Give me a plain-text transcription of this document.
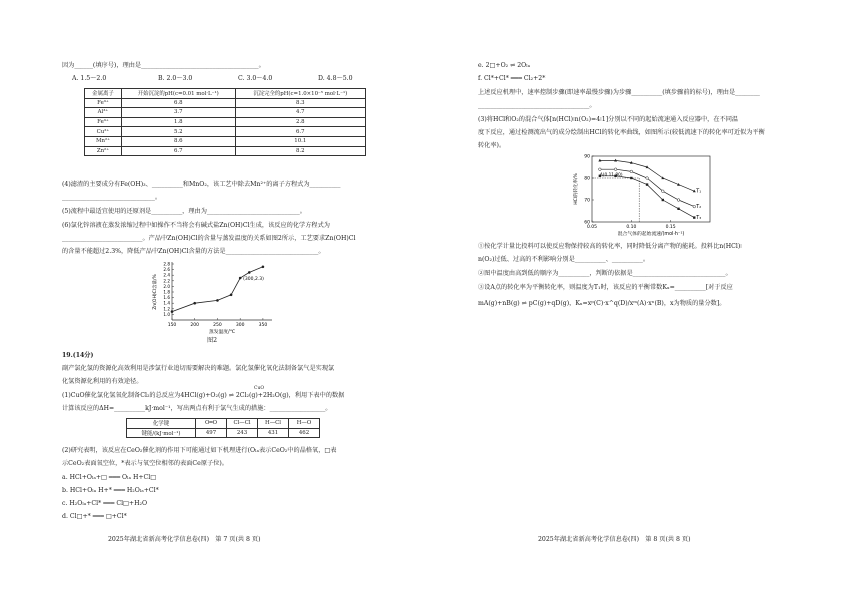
因为______(填序号)，理由是______________________________________。
A. 1.5～2.0	B. 2.0～3.0	C. 3.0～4.0	D. 4.8～5.0
金属离子	开始沉淀的pH(c=0.01 mol·L⁻¹)	沉淀完全的pH(c=1.0×10⁻⁵ mol·L⁻¹)
Fe³⁺	6.8	8.3
Al³⁺	3.7	4.7
Fe³⁺	1.8	2.8
Cu²⁺	5.2	6.7
Mn²⁺	8.6	10.1
Zn²⁺	6.7	8.2
(4)滤渣的主要成分有Fe(OH)₃、__________和MnO₂，该工艺中除去Mn²⁺的离子方程式为__________
______________________________。
(5)流程中最适宜使用的还原剂是__________，理由为______________________________。
(6)氯化锌溶液在蒸发浓缩过程中如操作不当将会有碱式盐Zn(OH)Cl生成，该反应的化学方程式为
__________________________。产品中Zn(OH)Cl的含量与蒸发温度的关系如图2所示，工艺要求Zn(OH)Cl
的含量不能超过2.3%，降低产品中Zn(OH)Cl含量的方法是______________________________。
150	200	250	300	350
1.0
1.2
1.4
1.6
1.8
2.0
2.2
2.4
2.6
2.8
(300,2.3)
蒸发温度/℃
Zn(OH)Cl含量/%
图2
19.(14分)
副产氯化氢的资源化高效利用是涉氯行业追切需要解决的难题。氯化氢催化氧化法制备氯气是实现氯
化氢资源化利用的有效途径。
CuO
(1)CuO催化氯化氢氧化制备Cl₂的总反应为4HCl(g)+O₂(g) ⇌ 2Cl₂(g)+2H₂O(g)，利用下表中的数据
计算该反应的ΔH=__________kJ·mol⁻¹，写出两点有利于氯气生成的措施：__________________。
化学键	O═O	Cl—Cl	H—Cl	H—O
键能/(kJ·mol⁻¹)	497	243	431	462
(2)研究表明，该反应在CeO₂催化剂的作用下可能通过如下机理进行(Oₗₐ表示CeO₂中的晶格氧，□表
示CeO₂表面氧空位，*表示与氧空位相邻的表面Ce原子位)。
a. HCl+Oₗₐ+□ ═══ Oₗₐ H+Cl□
b. HCl+Oₗₐ H+* ═══ H₂Oₗₐ+Cl*
c. H₂Oₗₐ+Cl* ═══ Cl□+H₂O
d. Cl□+* ═══ □+Cl*
2025年湖北省新高考化学信息卷(四)　第 7 页(共 8 页)
e. 2□+O₂ ⇌ 2Oₗₐ
f. Cl*+Cl* ═══ Cl₂+2*
上述反应机理中，速率控制步骤(即速率最慢步骤)为步骤__________(填步骤前的标号)，理由是________
____________________________________。
(3)将HCl和O₂的混合气体[n(HCl)∶n(O₂)=4∶1]分别以不同的起始流速通入反应器中，在不同温
度下反应，通过检测流出气的成分绘制出HCl的转化率曲线，如图所示(较低流速下的转化率可近似为平衡
转化率)。
0.05	0.10	0.15
60
70
80
90
T₁
T₂
T₃
A(0.11,80)
混合气体的起始流速/(mol·h⁻¹)
HCl的转化率/%
①按化学计量比投料可以使反应物保持较高的转化率，同时降低分离产物的能耗。投料比n(HCl)∶
n(O₂)过低、过高的不利影响分别是__________、__________。
②图中温度由高到低的顺序为__________，判断的依据是______________________________。
③设A点的转化率为平衡转化率，则温度为T₁时，该反应的平衡常数Kₓ=__________[对于反应
mA(g)+nB(g) ⇌ pC(g)+qD(g)，Kₓ=xᵖ(C)·x^q(D)/xᵐ(A)·xⁿ(B)，x为物质的量分数]。
2025年湖北省新高考化学信息卷(四)　第 8 页(共 8 页)
